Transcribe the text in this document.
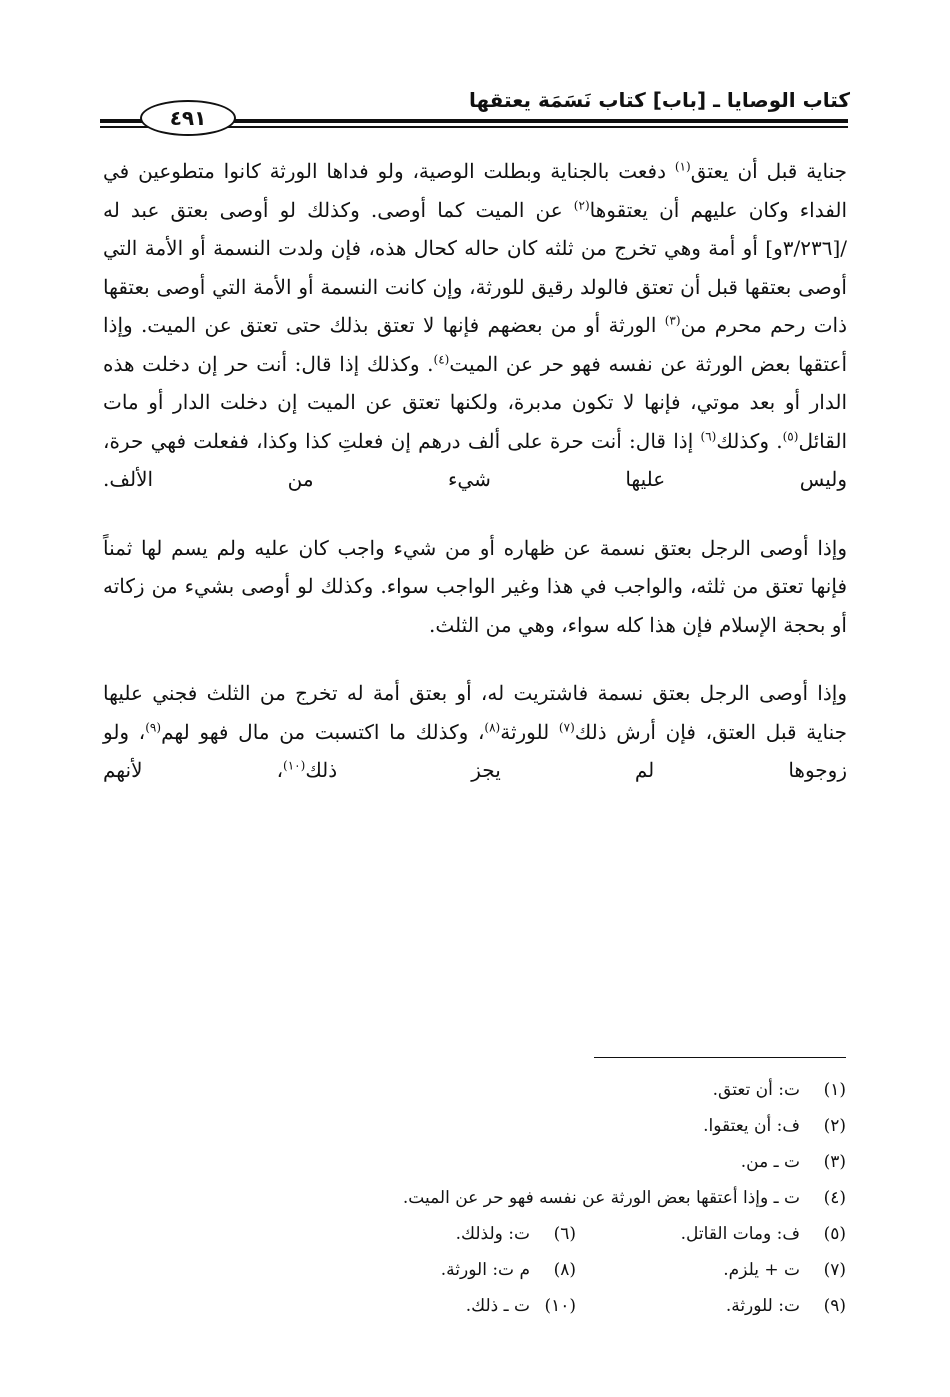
كتاب الوصايا ـ [باب] كتاب نَسَمَة يعتقها
٤٩١

جناية قبل أن يعتق$^{(١)}$ دفعت بالجناية وبطلت الوصية، ولو فداها الورثة كانوا متطوعين في الفداء وكان عليهم أن يعتقوها$^{(٢)}$ عن الميت كما أوصى. وكذلك لو أوصى بعتق عبد له /[٣/٢٣٦و] أو أمة وهي تخرج من ثلثه كان حاله كحال هذه، فإن ولدت النسمة أو الأمة التي أوصى بعتقها قبل أن تعتق فالولد رقيق للورثة، وإن كانت النسمة أو الأمة التي أوصى بعتقها ذات رحم محرم من$^{(٣)}$ الورثة أو من بعضهم فإنها لا تعتق بذلك حتى تعتق عن الميت. وإذا أعتقها بعض الورثة عن نفسه فهو حر عن الميت$^{(٤)}$. وكذلك إذا قال: أنت حر إن دخلت هذه الدار أو بعد موتي، فإنها لا تكون مدبرة، ولكنها تعتق عن الميت إن دخلت الدار أو مات القائل$^{(٥)}$. وكذلك$^{(٦)}$ إذا قال: أنت حرة على ألف درهم إن فعلتِ كذا وكذا، ففعلت فهي حرة، وليس عليها شيء من الألف.

وإذا أوصى الرجل بعتق نسمة عن ظهاره أو من شيء واجب كان عليه ولم يسم لها ثمناً فإنها تعتق من ثلثه، والواجب في هذا وغير الواجب سواء. وكذلك لو أوصى بشيء من زكاته أو بحجة الإسلام فإن هذا كله سواء، وهي من الثلث.

وإذا أوصى الرجل بعتق نسمة فاشتريت له، أو بعتق أمة له تخرج من الثلث فجني عليها جناية قبل العتق، فإن أرش ذلك$^{(٧)}$ للورثة$^{(٨)}$، وكذلك ما اكتسبت من مال فهو لهم$^{(٩)}$، ولو زوجوها لم يجز ذلك$^{(١٠)}$، لأنهم

(١)ت: أن تعتق.
(٢)ف: أن يعتقوا.
(٣)ت ـ من.
(٤)ت ـ وإذا أعتقها بعض الورثة عن نفسه فهو حر عن الميت.
(٥)ف: ومات القاتل.
(٦)ت: ولذلك.
(٧)ت + يلزم.
(٨)م ت: الورثة.
(٩)ت: للورثة.
(١٠)ت ـ ذلك.
